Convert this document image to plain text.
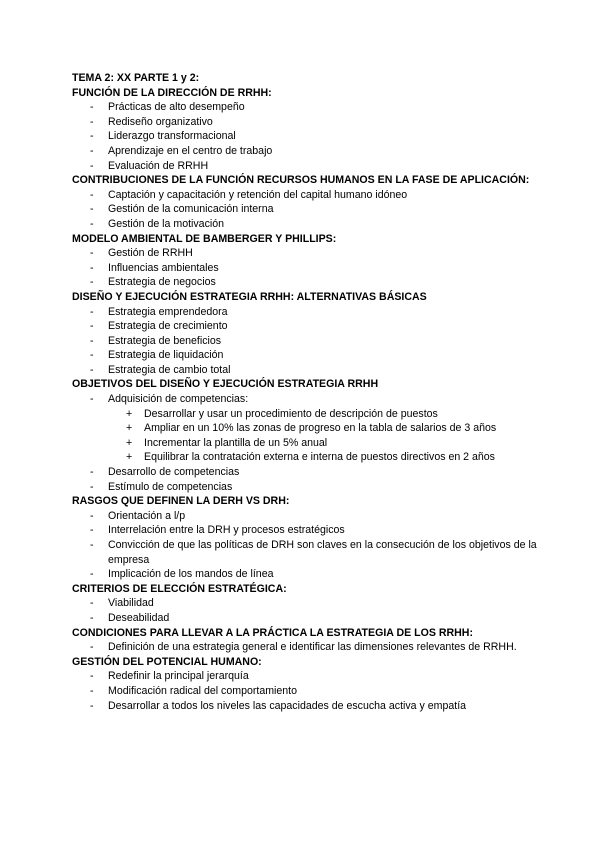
TEMA 2: XX PARTE 1 y 2:
FUNCIÓN DE LA DIRECCIÓN DE RRHH:
- Prácticas de alto desempeño
- Rediseño organizativo
- Liderazgo transformacional
- Aprendizaje en el centro de trabajo
- Evaluación de RRHH
CONTRIBUCIONES DE LA FUNCIÓN RECURSOS HUMANOS EN LA FASE DE APLICACIÓN:
- Captación y capacitación y retención del capital humano idóneo
- Gestión de la comunicación interna
- Gestión de la motivación
MODELO AMBIENTAL DE BAMBERGER Y PHILLIPS:
- Gestión de RRHH
- Influencias ambientales
- Estrategia de negocios
DISEÑO Y EJECUCIÓN ESTRATEGIA RRHH: ALTERNATIVAS BÁSICAS
- Estrategia emprendedora
- Estrategia de crecimiento
- Estrategia de beneficios
- Estrategia de liquidación
- Estrategia de cambio total
OBJETIVOS DEL DISEÑO Y EJECUCIÓN ESTRATEGIA RRHH
- Adquisición de competencias:
+ Desarrollar y usar un procedimiento de descripción de puestos
+ Ampliar en un 10% las zonas de progreso en la tabla de salarios de 3 años
+ Incrementar la plantilla de un 5% anual
+ Equilibrar la contratación externa e interna de puestos directivos en 2 años
- Desarrollo de competencias
- Estímulo de competencias
RASGOS QUE DEFINEN LA DERH VS DRH:
- Orientación a l/p
- Interrelación entre la DRH y procesos estratégicos
- Convicción de que las políticas de DRH son claves en la consecución de los objetivos de la empresa
- Implicación de los mandos de línea
CRITERIOS DE ELECCIÓN ESTRATÉGICA:
- Viabilidad
- Deseabilidad
CONDICIONES PARA LLEVAR A LA PRÁCTICA LA ESTRATEGIA DE LOS RRHH:
- Definición de una estrategia general e identificar las dimensiones relevantes de RRHH.
GESTIÓN DEL POTENCIAL HUMANO:
- Redefinir la principal jerarquía
- Modificación radical del comportamiento
- Desarrollar a todos los niveles las capacidades de escucha activa y empatía
